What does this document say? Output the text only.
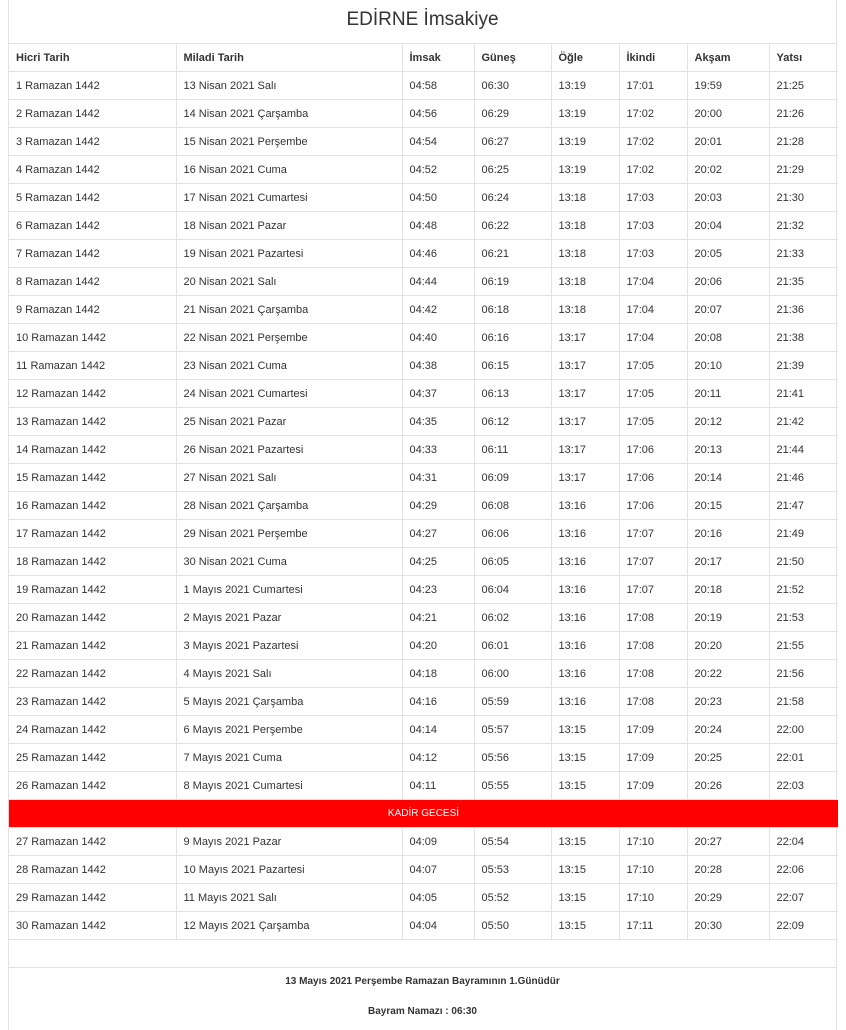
EDİRNE İmsakiye
Hicri Tarih	Miladi Tarih	İmsak	Güneş	Öğle	İkindi	Akşam	Yatsı
1 Ramazan 1442	13 Nisan 2021 Salı	04:58	06:30	13:19	17:01	19:59	21:25
2 Ramazan 1442	14 Nisan 2021 Çarşamba	04:56	06:29	13:19	17:02	20:00	21:26
3 Ramazan 1442	15 Nisan 2021 Perşembe	04:54	06:27	13:19	17:02	20:01	21:28
4 Ramazan 1442	16 Nisan 2021 Cuma	04:52	06:25	13:19	17:02	20:02	21:29
5 Ramazan 1442	17 Nisan 2021 Cumartesi	04:50	06:24	13:18	17:03	20:03	21:30
6 Ramazan 1442	18 Nisan 2021 Pazar	04:48	06:22	13:18	17:03	20:04	21:32
7 Ramazan 1442	19 Nisan 2021 Pazartesi	04:46	06:21	13:18	17:03	20:05	21:33
8 Ramazan 1442	20 Nisan 2021 Salı	04:44	06:19	13:18	17:04	20:06	21:35
9 Ramazan 1442	21 Nisan 2021 Çarşamba	04:42	06:18	13:18	17:04	20:07	21:36
10 Ramazan 1442	22 Nisan 2021 Perşembe	04:40	06:16	13:17	17:04	20:08	21:38
11 Ramazan 1442	23 Nisan 2021 Cuma	04:38	06:15	13:17	17:05	20:10	21:39
12 Ramazan 1442	24 Nisan 2021 Cumartesi	04:37	06:13	13:17	17:05	20:11	21:41
13 Ramazan 1442	25 Nisan 2021 Pazar	04:35	06:12	13:17	17:05	20:12	21:42
14 Ramazan 1442	26 Nisan 2021 Pazartesi	04:33	06:11	13:17	17:06	20:13	21:44
15 Ramazan 1442	27 Nisan 2021 Salı	04:31	06:09	13:17	17:06	20:14	21:46
16 Ramazan 1442	28 Nisan 2021 Çarşamba	04:29	06:08	13:16	17:06	20:15	21:47
17 Ramazan 1442	29 Nisan 2021 Perşembe	04:27	06:06	13:16	17:07	20:16	21:49
18 Ramazan 1442	30 Nisan 2021 Cuma	04:25	06:05	13:16	17:07	20:17	21:50
19 Ramazan 1442	1 Mayıs 2021 Cumartesi	04:23	06:04	13:16	17:07	20:18	21:52
20 Ramazan 1442	2 Mayıs 2021 Pazar	04:21	06:02	13:16	17:08	20:19	21:53
21 Ramazan 1442	3 Mayıs 2021 Pazartesi	04:20	06:01	13:16	17:08	20:20	21:55
22 Ramazan 1442	4 Mayıs 2021 Salı	04:18	06:00	13:16	17:08	20:22	21:56
23 Ramazan 1442	5 Mayıs 2021 Çarşamba	04:16	05:59	13:16	17:08	20:23	21:58
24 Ramazan 1442	6 Mayıs 2021 Perşembe	04:14	05:57	13:15	17:09	20:24	22:00
25 Ramazan 1442	7 Mayıs 2021 Cuma	04:12	05:56	13:15	17:09	20:25	22:01
26 Ramazan 1442	8 Mayıs 2021 Cumartesi	04:11	05:55	13:15	17:09	20:26	22:03
KADİR GECESİ							
27 Ramazan 1442	9 Mayıs 2021 Pazar	04:09	05:54	13:15	17:10	20:27	22:04
28 Ramazan 1442	10 Mayıs 2021 Pazartesi	04:07	05:53	13:15	17:10	20:28	22:06
29 Ramazan 1442	11 Mayıs 2021 Salı	04:05	05:52	13:15	17:10	20:29	22:07
30 Ramazan 1442	12 Mayıs 2021 Çarşamba	04:04	05:50	13:15	17:11	20:30	22:09
13 Mayıs 2021 Perşembe Ramazan Bayramının 1.Günüdür
Bayram Namazı : 06:30
